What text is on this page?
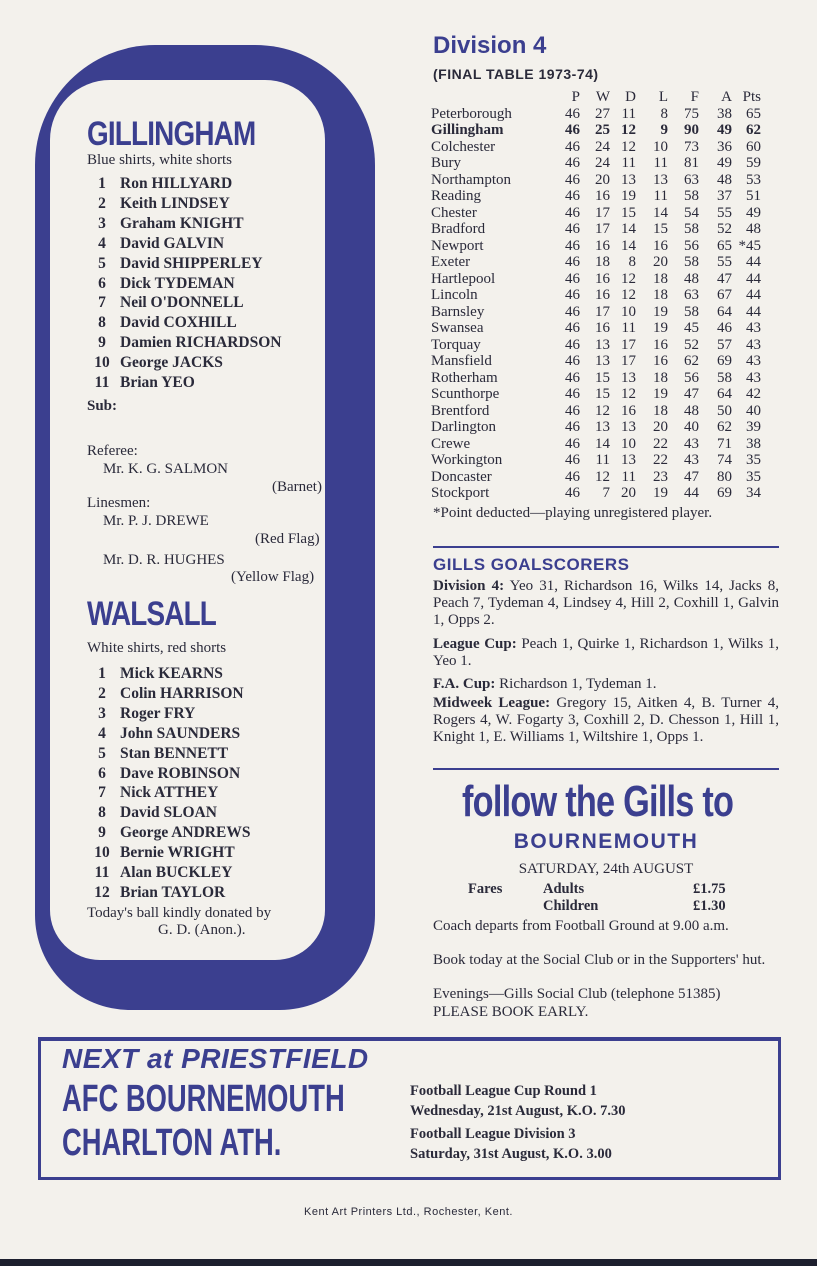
GILLINGHAM
Blue shirts, white shorts
1 Ron HILLYARD
2 Keith LINDSEY
3 Graham KNIGHT
4 David GALVIN
5 David SHIPPERLEY
6 Dick TYDEMAN
7 Neil O'DONNELL
8 David COXHILL
9 Damien RICHARDSON
10 George JACKS
11 Brian YEO
Sub:
Referee:
Mr. K. G. SALMON
(Barnet)
Linesmen:
Mr. P. J. DREWE
(Red Flag)
Mr. D. R. HUGHES
(Yellow Flag)
WALSALL
White shirts, red shorts
1 Mick KEARNS
2 Colin HARRISON
3 Roger FRY
4 John SAUNDERS
5 Stan BENNETT
6 Dave ROBINSON
7 Nick ATTHEY
8 David SLOAN
9 George ANDREWS
10 Bernie WRIGHT
11 Alan BUCKLEY
12 Brian TAYLOR
Today's ball kindly donated by
G. D. (Anon.).
Division 4
(FINAL TABLE 1973-74)
	P	W	D	L	F	A	Pts
Peterborough	46	27	11	8	75	38	65
Gillingham	46	25	12	9	90	49	62
Colchester	46	24	12	10	73	36	60
Bury	46	24	11	11	81	49	59
Northampton	46	20	13	13	63	48	53
Reading	46	16	19	11	58	37	51
Chester	46	17	15	14	54	55	49
Bradford	46	17	14	15	58	52	48
Newport	46	16	14	16	56	65	*45
Exeter	46	18	8	20	58	55	44
Hartlepool	46	16	12	18	48	47	44
Lincoln	46	16	12	18	63	67	44
Barnsley	46	17	10	19	58	64	44
Swansea	46	16	11	19	45	46	43
Torquay	46	13	17	16	52	57	43
Mansfield	46	13	17	16	62	69	43
Rotherham	46	15	13	18	56	58	43
Scunthorpe	46	15	12	19	47	64	42
Brentford	46	12	16	18	48	50	40
Darlington	46	13	13	20	40	62	39
Crewe	46	14	10	22	43	71	38
Workington	46	11	13	22	43	74	35
Doncaster	46	12	11	23	47	80	35
Stockport	46	7	20	19	44	69	34
*Point deducted—playing unregistered player.
GILLS GOALSCORERS
Division 4: Yeo 31, Richardson 16, Wilks 14, Jacks 8, Peach 7, Tydeman 4, Lindsey 4, Hill 2, Coxhill 1, Galvin 1, Opps 2.
League Cup: Peach 1, Quirke 1, Richardson 1, Wilks 1, Yeo 1.
F.A. Cup: Richardson 1, Tydeman 1.
Midweek League: Gregory 15, Aitken 4, B. Turner 4, Rogers 4, W. Fogarty 3, Coxhill 2, D. Chesson 1, Hill 1, Knight 1, E. Williams 1, Wiltshire 1, Opps 1.
follow the Gills to
BOURNEMOUTH
SATURDAY, 24th AUGUST
Fares	Adults	£1.75
Children	£1.30
Coach departs from Football Ground at 9.00 a.m.
Book today at the Social Club or in the Supporters' hut.
Evenings—Gills Social Club (telephone 51385)
PLEASE BOOK EARLY.
NEXT at PRIESTFIELD
AFC BOURNEMOUTH
CHARLTON ATH.
Football League Cup Round 1
Wednesday, 21st August, K.O. 7.30
Football League Division 3
Saturday, 31st August, K.O. 3.00
Kent Art Printers Ltd., Rochester, Kent.
